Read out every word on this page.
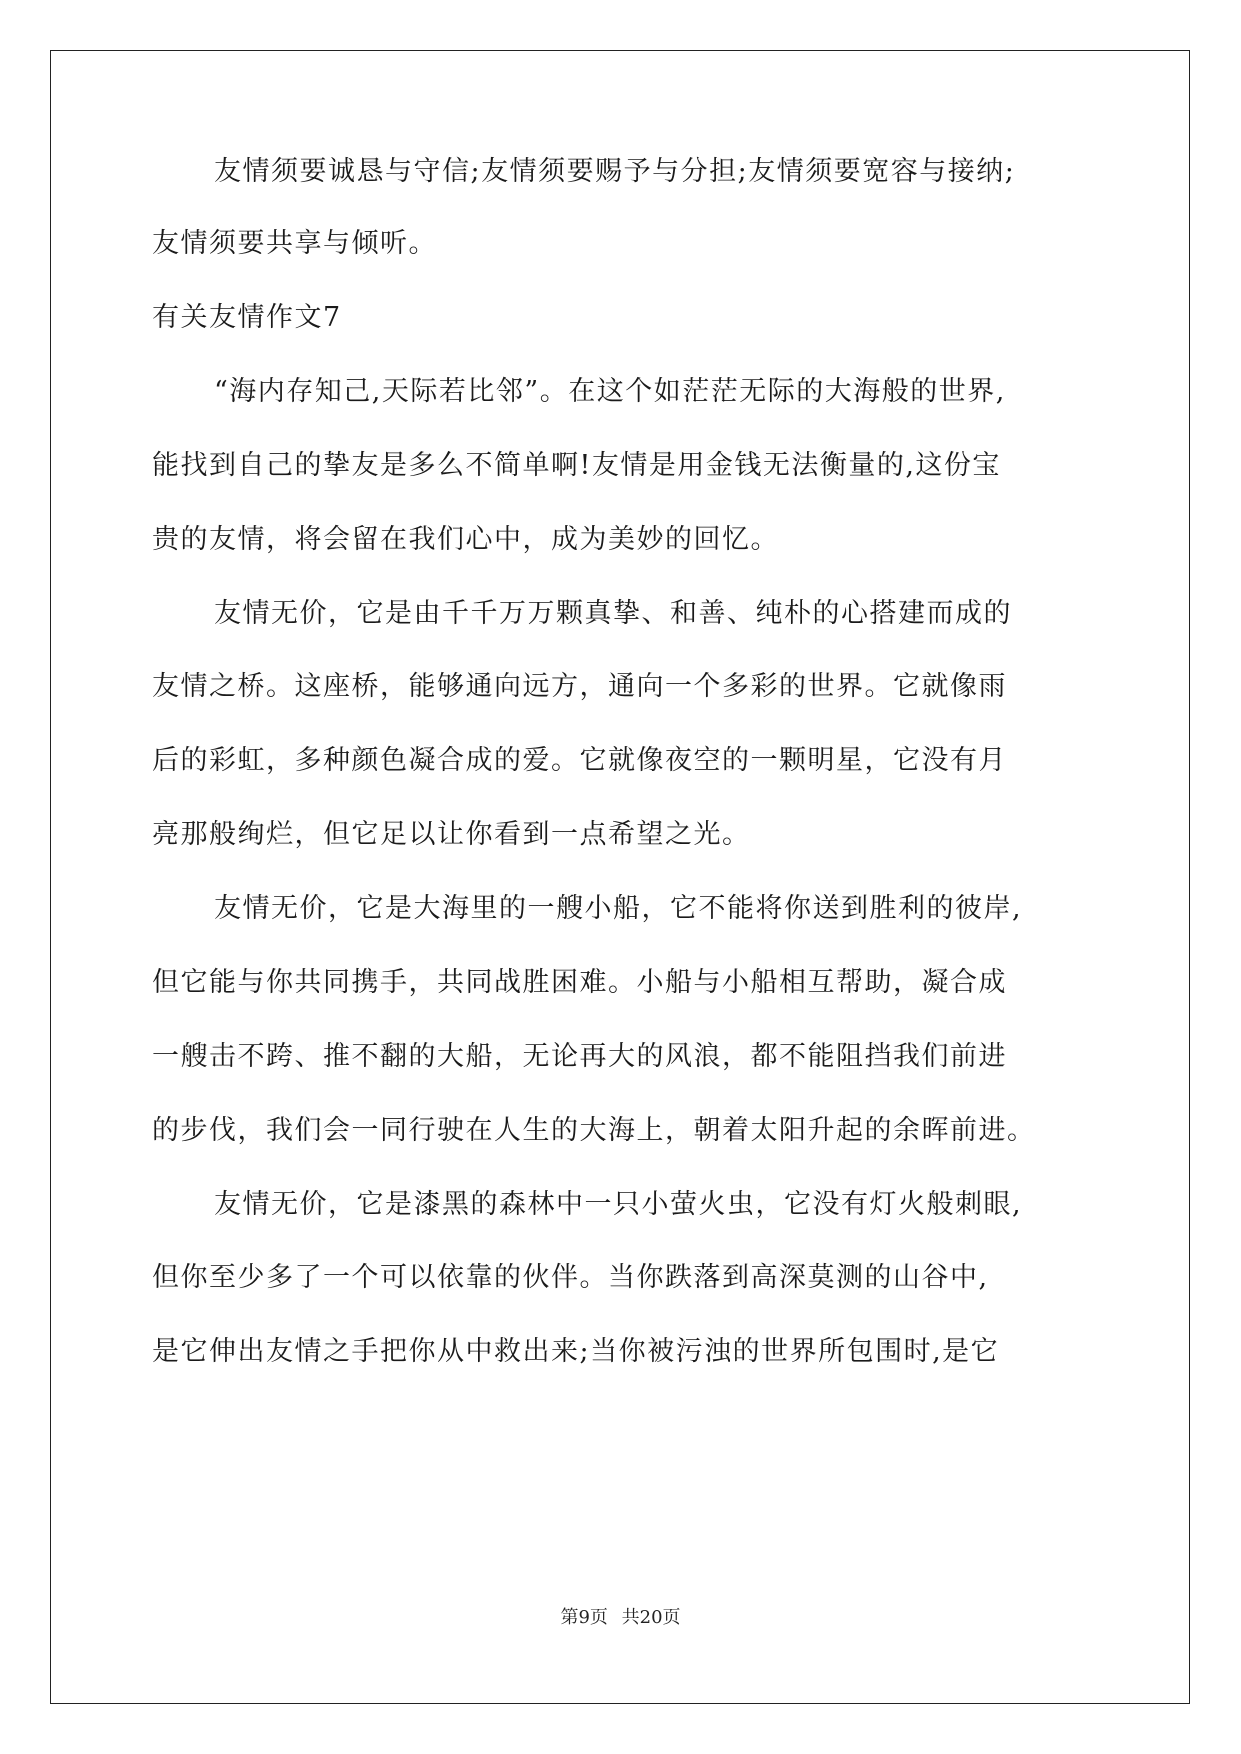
友情须要诚恳与守信;友情须要赐予与分担;友情须要宽容与接纳;
友情须要共享与倾听。
有关友情作文7
“海内存知己,天际若比邻”。在这个如茫茫无际的大海般的世界,
能找到自己的挚友是多么不简单啊!友情是用金钱无法衡量的,这份宝
贵的友情，将会留在我们心中，成为美妙的回忆。
友情无价，它是由千千万万颗真挚、和善、纯朴的心搭建而成的
友情之桥。这座桥，能够通向远方，通向一个多彩的世界。它就像雨
后的彩虹，多种颜色凝合成的爱。它就像夜空的一颗明星，它没有月
亮那般绚烂，但它足以让你看到一点希望之光。
友情无价，它是大海里的一艘小船，它不能将你送到胜利的彼岸,
但它能与你共同携手，共同战胜困难。小船与小船相互帮助，凝合成
一艘击不跨、推不翻的大船，无论再大的风浪，都不能阻挡我们前进
的步伐，我们会一同行驶在人生的大海上，朝着太阳升起的余晖前进。
友情无价，它是漆黑的森林中一只小萤火虫，它没有灯火般刺眼,
但你至少多了一个可以依靠的伙伴。当你跌落到高深莫测的山谷中,
是它伸出友情之手把你从中救出来;当你被污浊的世界所包围时,是它
第9页 共20页
